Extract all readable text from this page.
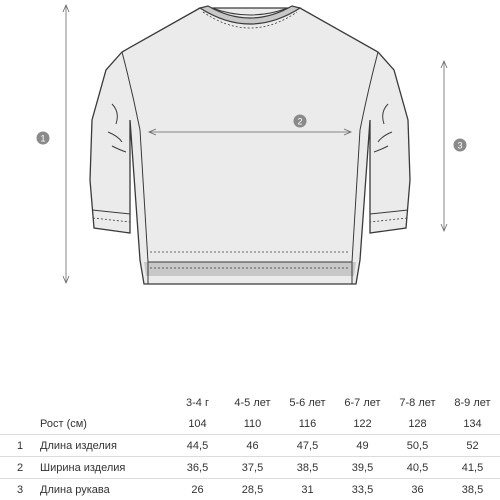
1
2
3
		3-4 г	4-5 лет	5-6 лет	6-7 лет	7-8 лет	8-9 лет
	Рост (см)	104	110	116	122	128	134
1	Длина изделия	44,5	46	47,5	49	50,5	52
2	Ширина изделия	36,5	37,5	38,5	39,5	40,5	41,5
3	Длина рукава	26	28,5	31	33,5	36	38,5
